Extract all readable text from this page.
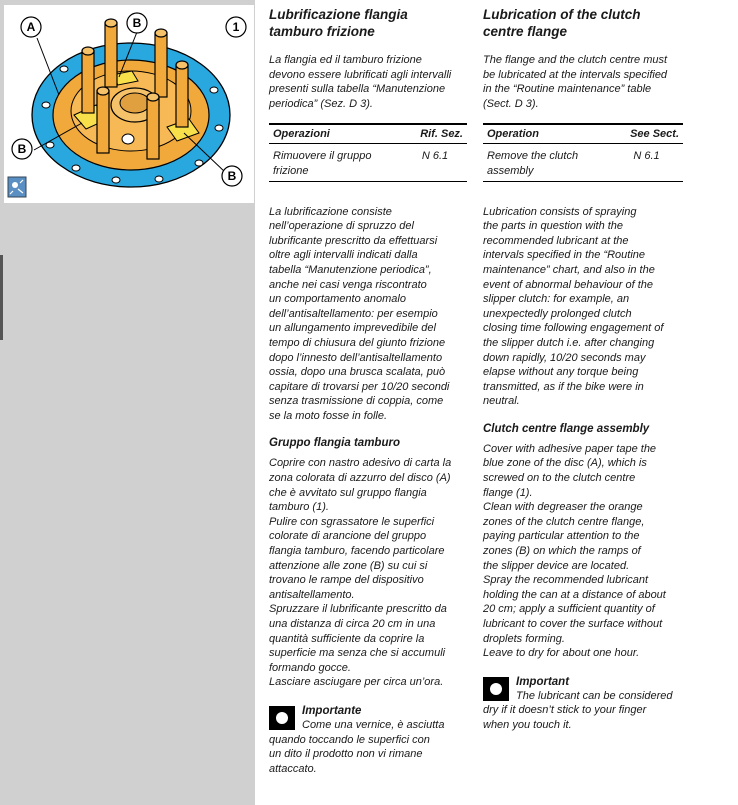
A	B
B
B
1
Lubrificazione flangia
tamburo frizione

La flangia ed il tamburo frizione

devono essere lubrificati agli intervalli

presenti sulla tabella “Manutenzione

periodica” (Sez. D 3).

Operazioni	Rif. Sez.
Rimuovere il gruppo
frizione	N 6.1

La lubrificazione consiste

nell’operazione di spruzzo del

lubrificante prescritto da effettuarsi

oltre agli intervalli indicati dalla

tabella “Manutenzione periodica”,

anche nei casi venga riscontrato

un comportamento anomalo

dell’antisaltellamento: per esempio

un allungamento imprevedibile del

tempo di chiusura del giunto frizione

dopo l’innesto dell’antisaltellamento

ossia, dopo una brusca scalata, può

capitare di trovarsi per 10/20 secondi

senza trasmissione di coppia, come

se la moto fosse in folle.

Gruppo flangia tamburo

Coprire con nastro adesivo di carta la

zona colorata di azzurro del disco (A)

che è avvitato sul gruppo flangia

tamburo (1).

Pulire con sgrassatore le superfici

colorate di arancione del gruppo

flangia tamburo, facendo particolare

attenzione alle zone (B) su cui si

trovano le rampe del dispositivo

antisaltellamento.

Spruzzare il lubrificante prescritto da

una distanza di circa 20 cm in una

quantità sufficiente da coprire la

superficie ma senza che si accumuli

formando gocce.

Lasciare asciugare per circa un’ora.

Importante

Come una vernice, è asciutta

quando toccando le superfici con

un dito il prodotto non vi rimane

attaccato.

Lubrication of the clutch
centre flange

The flange and the clutch centre must

be lubricated at the intervals specified

in the “Routine maintenance” table

(Sect. D 3).

Operation	See Sect.
Remove the clutch
assembly	N 6.1

Lubrication consists of spraying

the parts in question with the

recommended lubricant at the

intervals specified in the “Routine

maintenance” chart, and also in the

event of abnormal behaviour of the

slipper clutch: for example, an

unexpectedly prolonged clutch

closing time following engagement of

the slipper dutch i.e. after changing

down rapidly, 10/20 seconds may

elapse without any torque being

transmitted, as if the bike were in

neutral.

Clutch centre flange assembly

Cover with adhesive paper tape the

blue zone of the disc (A), which is

screwed on to the clutch centre

flange (1).

Clean with degreaser the orange

zones of the clutch centre flange,

paying particular attention to the

zones (B) on which the ramps of

the slipper device are located.

Spray the recommended lubricant

holding the can at a distance of about

20 cm; apply a sufficient quantity of

lubricant to cover the surface without

droplets forming.

Leave to dry for about one hour.

Important

The lubricant can be considered

dry if it doesn’t stick to your finger

when you touch it.
